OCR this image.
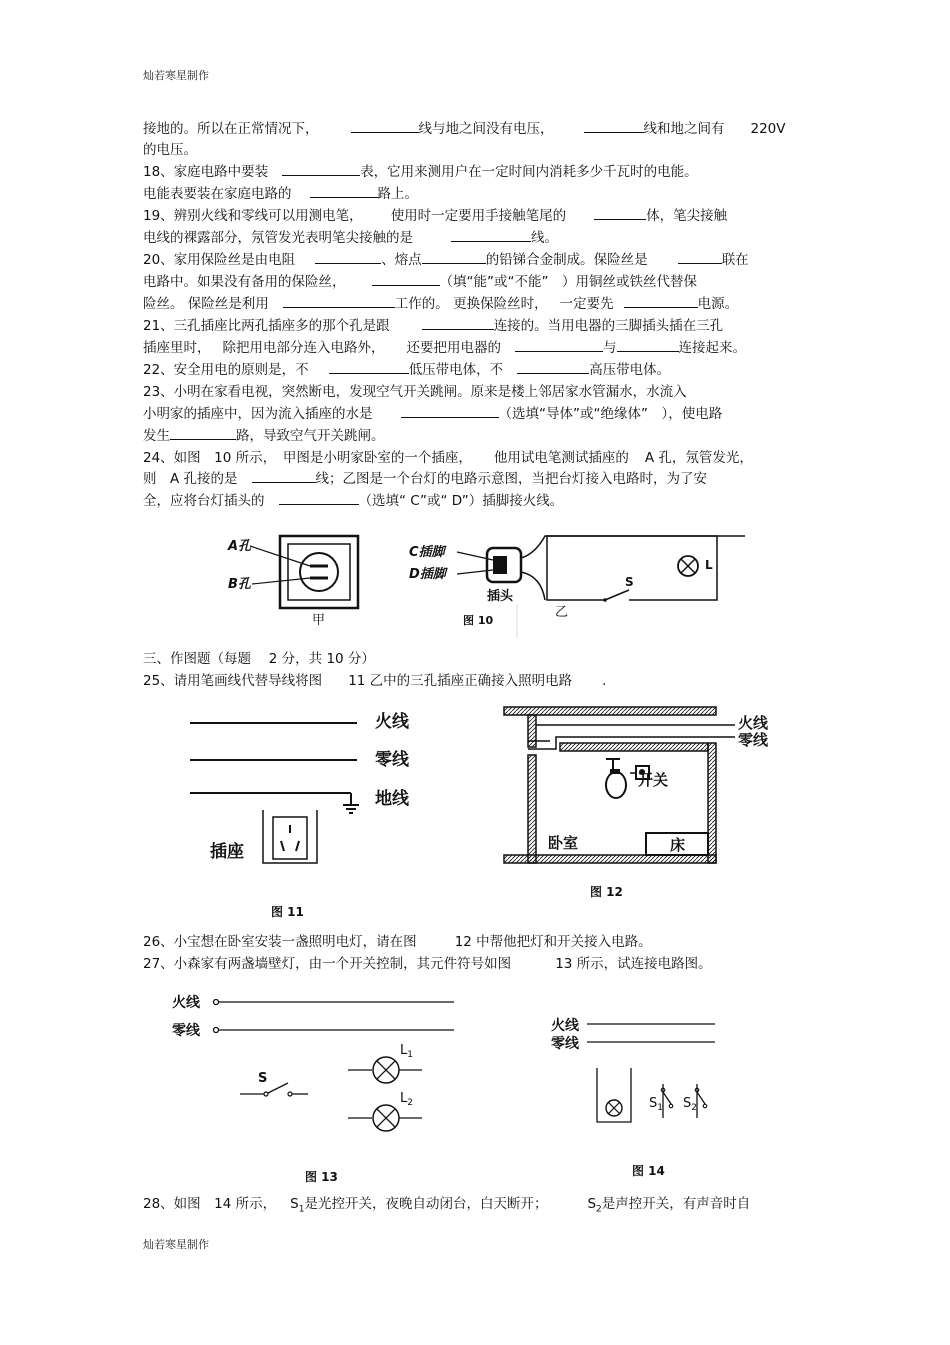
灿若寒星制作
接地的。所以在正常情况下，	线与地之间没有电压，	线和地之间有 220V
的电压。
18、家庭电路中要装	表，它用来测用户在一定时间内消耗多少千瓦时的电能。
电能表要装在家庭电路的	路上。
19、辨别火线和零线可以用测电笔， 使用时一定要用手接触笔尾的	体，笔尖接触
电线的裸露部分，氖管发光表明笔尖接触的是	线。
20、家用保险丝是由电阻	、熔点	的铅锑合金制成。保险丝是	联在
电路中。如果没有备用的保险丝，	（填“能”或“不能”　）用铜丝或铁丝代替保
险丝。 保险丝是利用	工作的。 更换保险丝时， 一定要先	电源。
21、三孔插座比两孔插座多的那个孔是跟	连接的。当用电器的三脚插头插在三孔
插座里时， 除把用电部分连入电路外， 还要把用电器的	与	连接起来。
22、安全用电的原则是，不	低压带电体，不	高压带电体。
23、小明在家看电视，突然断电，发现空气开关跳闸。原来是楼上邻居家水管漏水，水流入
小明家的插座中，因为流入插座的水是	（选填“导体”或“绝缘体”　），使电路
发生	路，导致空气开关跳闸。
24、如图　10 所示，　甲图是小明家卧室的一个插座， 他用试电笔测试插座的 A 孔，氖管发光，
则　A 孔接的是	线；乙图是一个台灯的电路示意图，当把台灯接入电路时，为了安
全，应将台灯插头的	（选填“ C”或“ D”）插脚接火线。
A孔
B孔
甲
C插脚
D插脚
L
S
插头
乙
图 10
三、作图题（每题　 2 分，共 10 分）
25、请用笔画线代替导线将图 11 乙中的三孔插座正确接入照明电路 .
火线
零线
地线
插座
图 11
火线
零线
开关
卧室	床
图 12
26、小宝想在卧室安装一盏照明电灯，请在图	12 中帮他把灯和开关接入电路。
27、小森家有两盏墙壁灯，由一个开关控制，其元件符号如图	13 所示，试连接电路图。
火线
零线
S
$L_1$
$L_2$
图 13
火线
零线
$S_1$ $S_2$
图 14
28、如图　14 所示， $S_1$是光控开关，夜晚自动闭台，白天断开；	$S_2$是声控开关，有声音时自
灿若寒星制作
